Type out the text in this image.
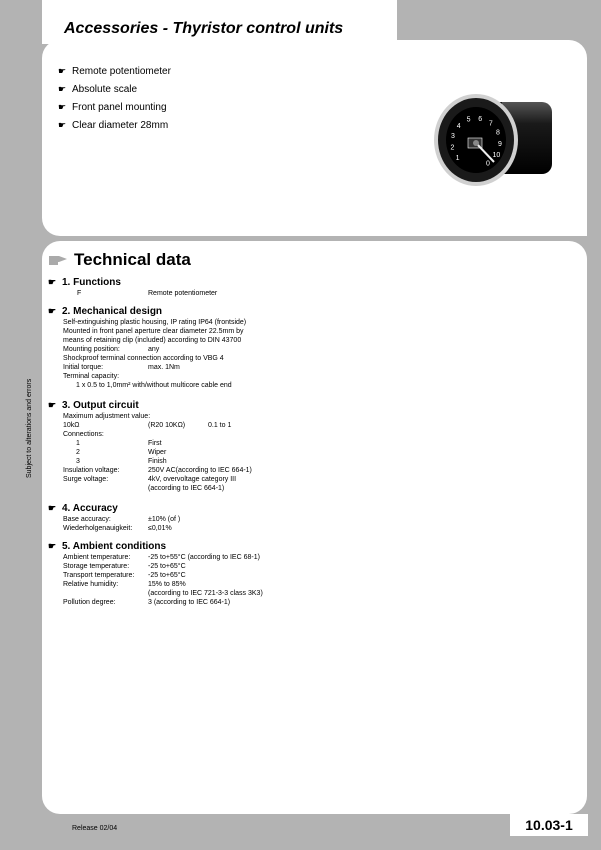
Accessories - Thyristor control units
☛ Remote potentiometer
☛ Absolute scale
☛ Front panel mounting
☛ Clear diameter 28mm
1
2
3
4
5 6
7
8
9
10
0
Technical data
☛ 1. Functions
F	Remote potentiometer
☛ 2. Mechanical design
Self-extinguishing plastic housing, IP rating IP64 (frontside)
Mounted in front panel aperture clear diameter 22.5mm by
means of retaining clip (included) according to DIN 43700
Mounting position:	any
Shockproof terminal connection according to VBG 4
Initial torque:	max. 1Nm
Terminal capacity:
1 x 0.5 to 1,0mm² with/without multicore cable end
☛ 3. Output circuit
Maximum adjustment value:
10kΩ	(R20 10KΩ)	0.1 to 1
Connections:
1	First
2	Wiper
3	Finish
Insulation voltage:	250V AC(according to IEC 664-1)
Surge voltage:	4kV, overvoltage category III
(according to IEC 664-1)
☛ 4. Accuracy
Base accuracy:	±10% (of )
Wiederholgenauigkeit:	≤0,01%
☛ 5. Ambient conditions
Ambient temperature:	-25 to+55°C (according to IEC 68-1)
Storage temperature:	-25 to+65°C
Transport temperature:	-25 to+65°C
Relative humidity:	15% to 85%
(according to IEC 721-3-3 class 3K3)
Pollution degree:	3 (according to IEC 664-1)
Subject to alterations and errors
Release 02/04	10.03-1
